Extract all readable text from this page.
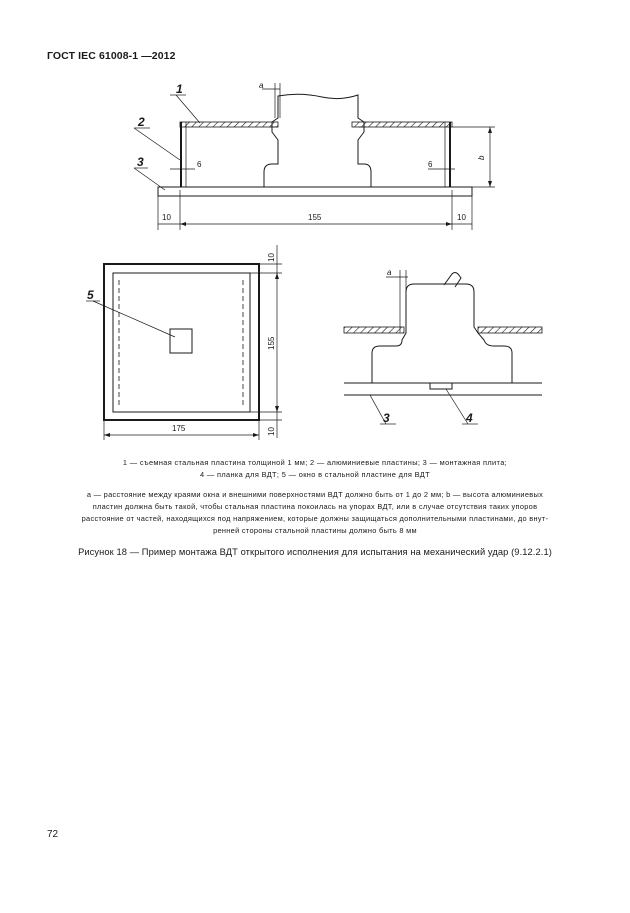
ГОСТ IEC 61008-1 —2012
a
b
6	6
10	155	10
1
2
3
5
10
155
10
175
a
3	4
1 — съемная стальная пластина толщиной 1 мм; 2 — алюминиевые пластины; 3 — монтажная плита;
4 — планка для ВДТ; 5 — окно в стальной пластине для ВДТ
a — расстояние между краями окна и внешними поверхностями ВДТ должно быть от 1 до 2 мм; b — высота алюминиевых
пластин должна быть такой, чтобы стальная пластина покоилась на упорах ВДТ, или в случае отсутствия таких упоров
расстояние от частей, находящихся под напряжением, которые должны защищаться дополнительными пластинами, до внут-
ренней стороны стальной пластины должно быть 8 мм
Рисунок 18 — Пример монтажа ВДТ открытого исполнения для испытания на механический удар (9.12.2.1)
72
